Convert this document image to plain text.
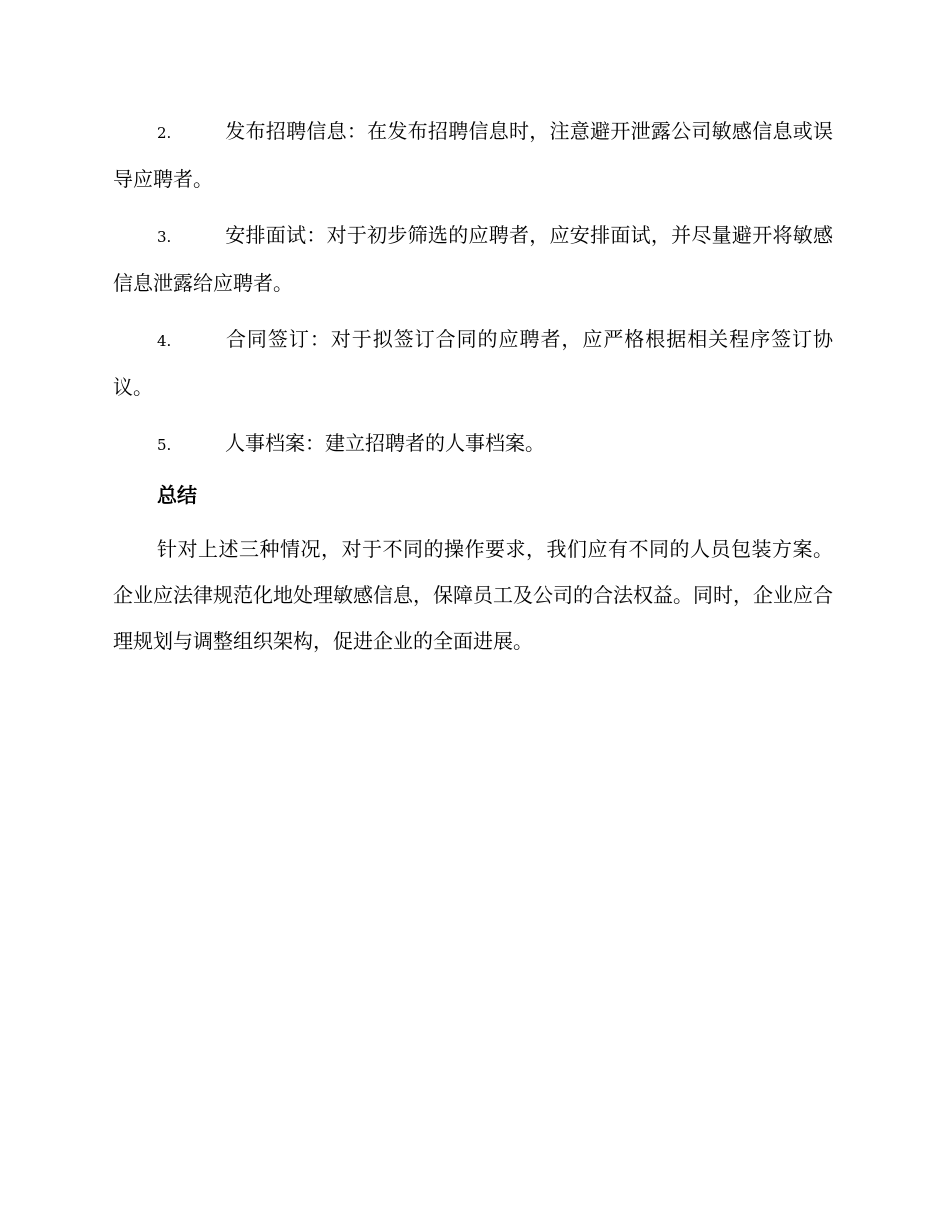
2.	发布招聘信息：在发布招聘信息时，注意避开泄露公司敏感信息或误导应聘者。
3.	安排面试：对于初步筛选的应聘者，应安排面试，并尽量避开将敏感信息泄露给应聘者。
4.	合同签订：对于拟签订合同的应聘者，应严格根据相关程序签订协议。
5.	人事档案：建立招聘者的人事档案。
总结
针对上述三种情况，对于不同的操作要求，我们应有不同的人员包装方案。企业应法律规范化地处理敏感信息，保障员工及公司的合法权益。同时，企业应合理规划与调整组织架构，促进企业的全面进展。
